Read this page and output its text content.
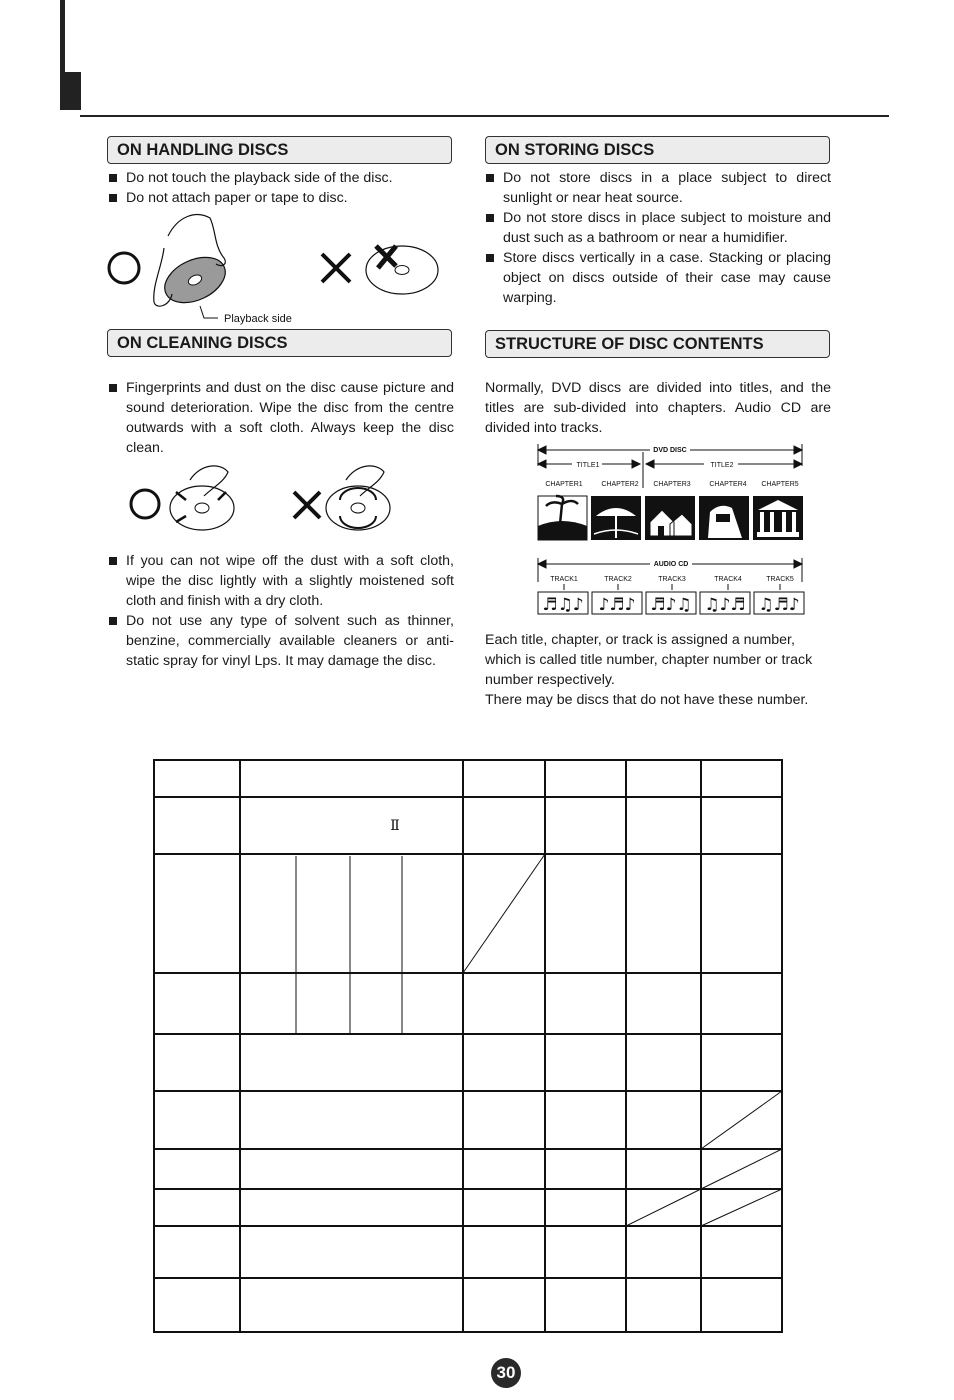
ON HANDLING DISCS
Do not touch the playback side of the disc.
Do not attach paper or tape to disc.
Playback side
ON STORING DISCS
Do not store discs in a place subject to direct sunlight or near heat source.
Do not store discs in place subject to moisture and dust such as a bathroom or near a humidifier.
Store discs vertically in a case. Stacking or placing object on discs outside of their case may cause warping.
ON CLEANING DISCS
Fingerprints and dust on the disc cause picture and sound deterioration. Wipe the disc from the centre outwards with a soft cloth. Always keep the disc clean.
If you can not wipe off the dust with a soft cloth, wipe the disc lightly with a slightly moistened soft cloth and finish with a dry cloth.
Do not use any type of solvent such as thinner, benzine, commercially available cleaners or anti-static spray for vinyl Lps. It may damage the disc.
STRUCTURE OF DISC CONTENTS
Normally, DVD discs are divided into titles, and the titles are sub-divided into chapters. Audio CD are divided into tracks.
DVD DISC
TITLE1	TITLE2
CHAPTER1	CHAPTER2 CHAPTER3	CHAPTER4 CHAPTER5
AUDIO CD
TRACK1	TRACK2	TRACK3	TRACK4	TRACK5
♬♫♪ ♪♬♪ ♬♪♫ ♫♪♬ ♫♬♪
Each title, chapter, or track is assigned a number, which is called title number, chapter number or track number respectively.
There may be discs that do not have these number.
Ⅱ
30
